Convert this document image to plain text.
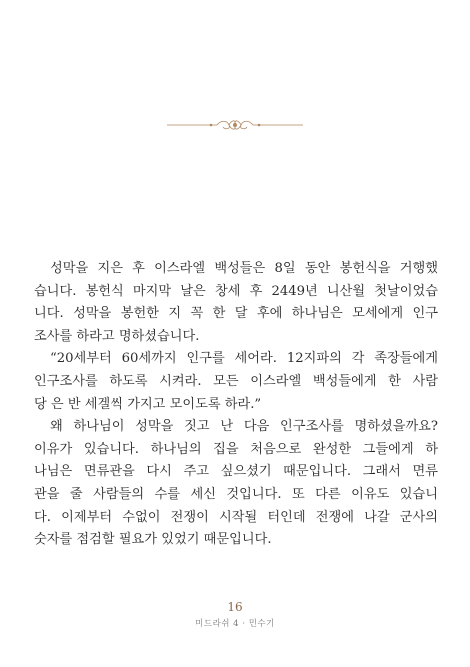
성막을 지은 후 이스라엘 백성들은 8일 동안 봉헌식을 거행했
습니다. 봉헌식 마지막 날은 창세 후 2449년 니산월 첫날이었습
니다. 성막을 봉헌한 지 꼭 한 달 후에 하나님은 모세에게 인구
조사를 하라고 명하셨습니다.
“20세부터 60세까지 인구를 세어라. 12지파의 각 족장들에게
인구조사를 하도록 시켜라. 모든 이스라엘 백성들에게 한 사람
당 은 반 세겔씩 가지고 모이도록 하라.”
왜 하나님이 성막을 짓고 난 다음 인구조사를 명하셨을까요?
이유가 있습니다. 하나님의 집을 처음으로 완성한 그들에게 하
나님은 면류관을 다시 주고 싶으셨기 때문입니다. 그래서 면류
관을 줄 사람들의 수를 세신 것입니다. 또 다른 이유도 있습니
다. 이제부터 수없이 전쟁이 시작될 터인데 전쟁에 나갈 군사의
숫자를 점검할 필요가 있었기 때문입니다.
16
미드라쉬 4 · 민수기
